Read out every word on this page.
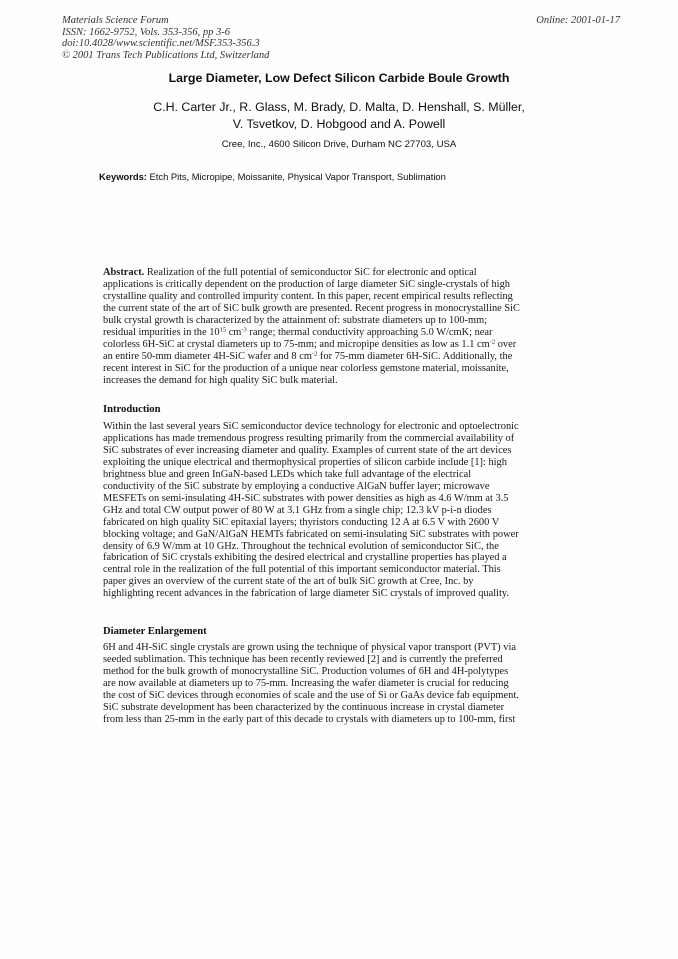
Materials Science Forum
ISSN: 1662-9752, Vols. 353-356, pp 3-6
doi:10.4028/www.scientific.net/MSF.353-356.3
© 2001 Trans Tech Publications Ltd, Switzerland
Online: 2001-01-17
Large Diameter, Low Defect Silicon Carbide Boule Growth
C.H. Carter Jr., R. Glass, M. Brady, D. Malta, D. Henshall, S. Müller,
V. Tsvetkov, D. Hobgood and A. Powell
Cree, Inc., 4600 Silicon Drive, Durham NC 27703, USA
Keywords: Etch Pits, Micropipe, Moissanite, Physical Vapor Transport, Sublimation
Abstract. Realization of the full potential of semiconductor SiC for electronic and optical
applications is critically dependent on the production of large diameter SiC single-crystals of high
crystalline quality and controlled impurity content. In this paper, recent empirical results reflecting
the current state of the art of SiC bulk growth are presented. Recent progress in monocrystalline SiC
bulk crystal growth is characterized by the attainment of: substrate diameters up to 100-mm;
residual impurities in the $10^{15}$ $cm^{-3}$ range; thermal conductivity approaching 5.0 W/cmK; near
colorless 6H-SiC at crystal diameters up to 75-mm; and micropipe densities as low as 1.1 $cm^{-2}$ over
an entire 50-mm diameter 4H-SiC wafer and 8 $cm^{-2}$ for 75-mm diameter 6H-SiC. Additionally, the
recent interest in SiC for the production of a unique near colorless gemstone material, moissanite,
increases the demand for high quality SiC bulk material.
Introduction
Within the last several years SiC semiconductor device technology for electronic and optoelectronic
applications has made tremendous progress resulting primarily from the commercial availability of
SiC substrates of ever increasing diameter and quality. Examples of current state of the art devices
exploiting the unique electrical and thermophysical properties of silicon carbide include [1]: high
brightness blue and green InGaN-based LEDs which take full advantage of the electrical
conductivity of the SiC substrate by employing a conductive AlGaN buffer layer; microwave
MESFETs on semi-insulating 4H-SiC substrates with power densities as high as 4.6 W/mm at 3.5
GHz and total CW output power of 80 W at 3.1 GHz from a single chip; 12.3 kV p-i-n diodes
fabricated on high quality SiC epitaxial layers; thyristors conducting 12 A at 6.5 V with 2600 V
blocking voltage; and GaN/AlGaN HEMTs fabricated on semi-insulating SiC substrates with power
density of 6.9 W/mm at 10 GHz. Throughout the technical evolution of semiconductor SiC, the
fabrication of SiC crystals exhibiting the desired electrical and crystalline properties has played a
central role in the realization of the full potential of this important semiconductor material. This
paper gives an overview of the current state of the art of bulk SiC growth at Cree, Inc. by
highlighting recent advances in the fabrication of large diameter SiC crystals of improved quality.
Diameter Enlargement
6H and 4H-SiC single crystals are grown using the technique of physical vapor transport (PVT) via
seeded sublimation. This technique has been recently reviewed [2] and is currently the preferred
method for the bulk growth of monocrystalline SiC. Production volumes of 6H and 4H-polytypes
are now available at diameters up to 75-mm. Increasing the wafer diameter is crucial for reducing
the cost of SiC devices through economies of scale and the use of Si or GaAs device fab equipment.
SiC substrate development has been characterized by the continuous increase in crystal diameter
from less than 25-mm in the early part of this decade to crystals with diameters up to 100-mm, first
